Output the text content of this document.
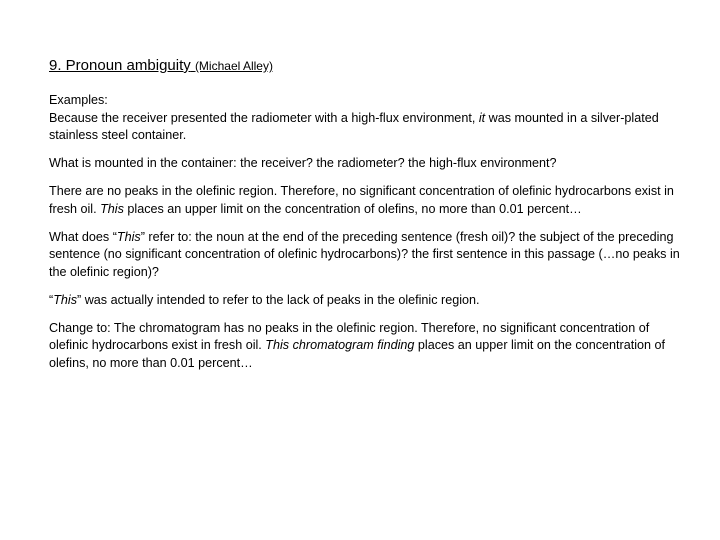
9. Pronoun ambiguity (Michael Alley)

Examples:
Because the receiver presented the radiometer with a high-flux environment, it was mounted in a silver-plated stainless steel container.

What is mounted in the container: the receiver? the radiometer? the high-flux environment?

There are no peaks in the olefinic region. Therefore, no significant concentration of olefinic hydrocarbons exist in fresh oil. This places an upper limit on the concentration of olefins, no more than 0.01 percent…

What does “This” refer to: the noun at the end of the preceding sentence (fresh oil)? the subject of the preceding sentence (no significant concentration of olefinic hydrocarbons)? the first sentence in this passage (…no peaks in the olefinic region)?

“This” was actually intended to refer to the lack of peaks in the olefinic region.

Change to: The chromatogram has no peaks in the olefinic region. Therefore, no significant concentration of olefinic hydrocarbons exist in fresh oil. This chromatogram finding places an upper limit on the concentration of olefins, no more than 0.01 percent…
